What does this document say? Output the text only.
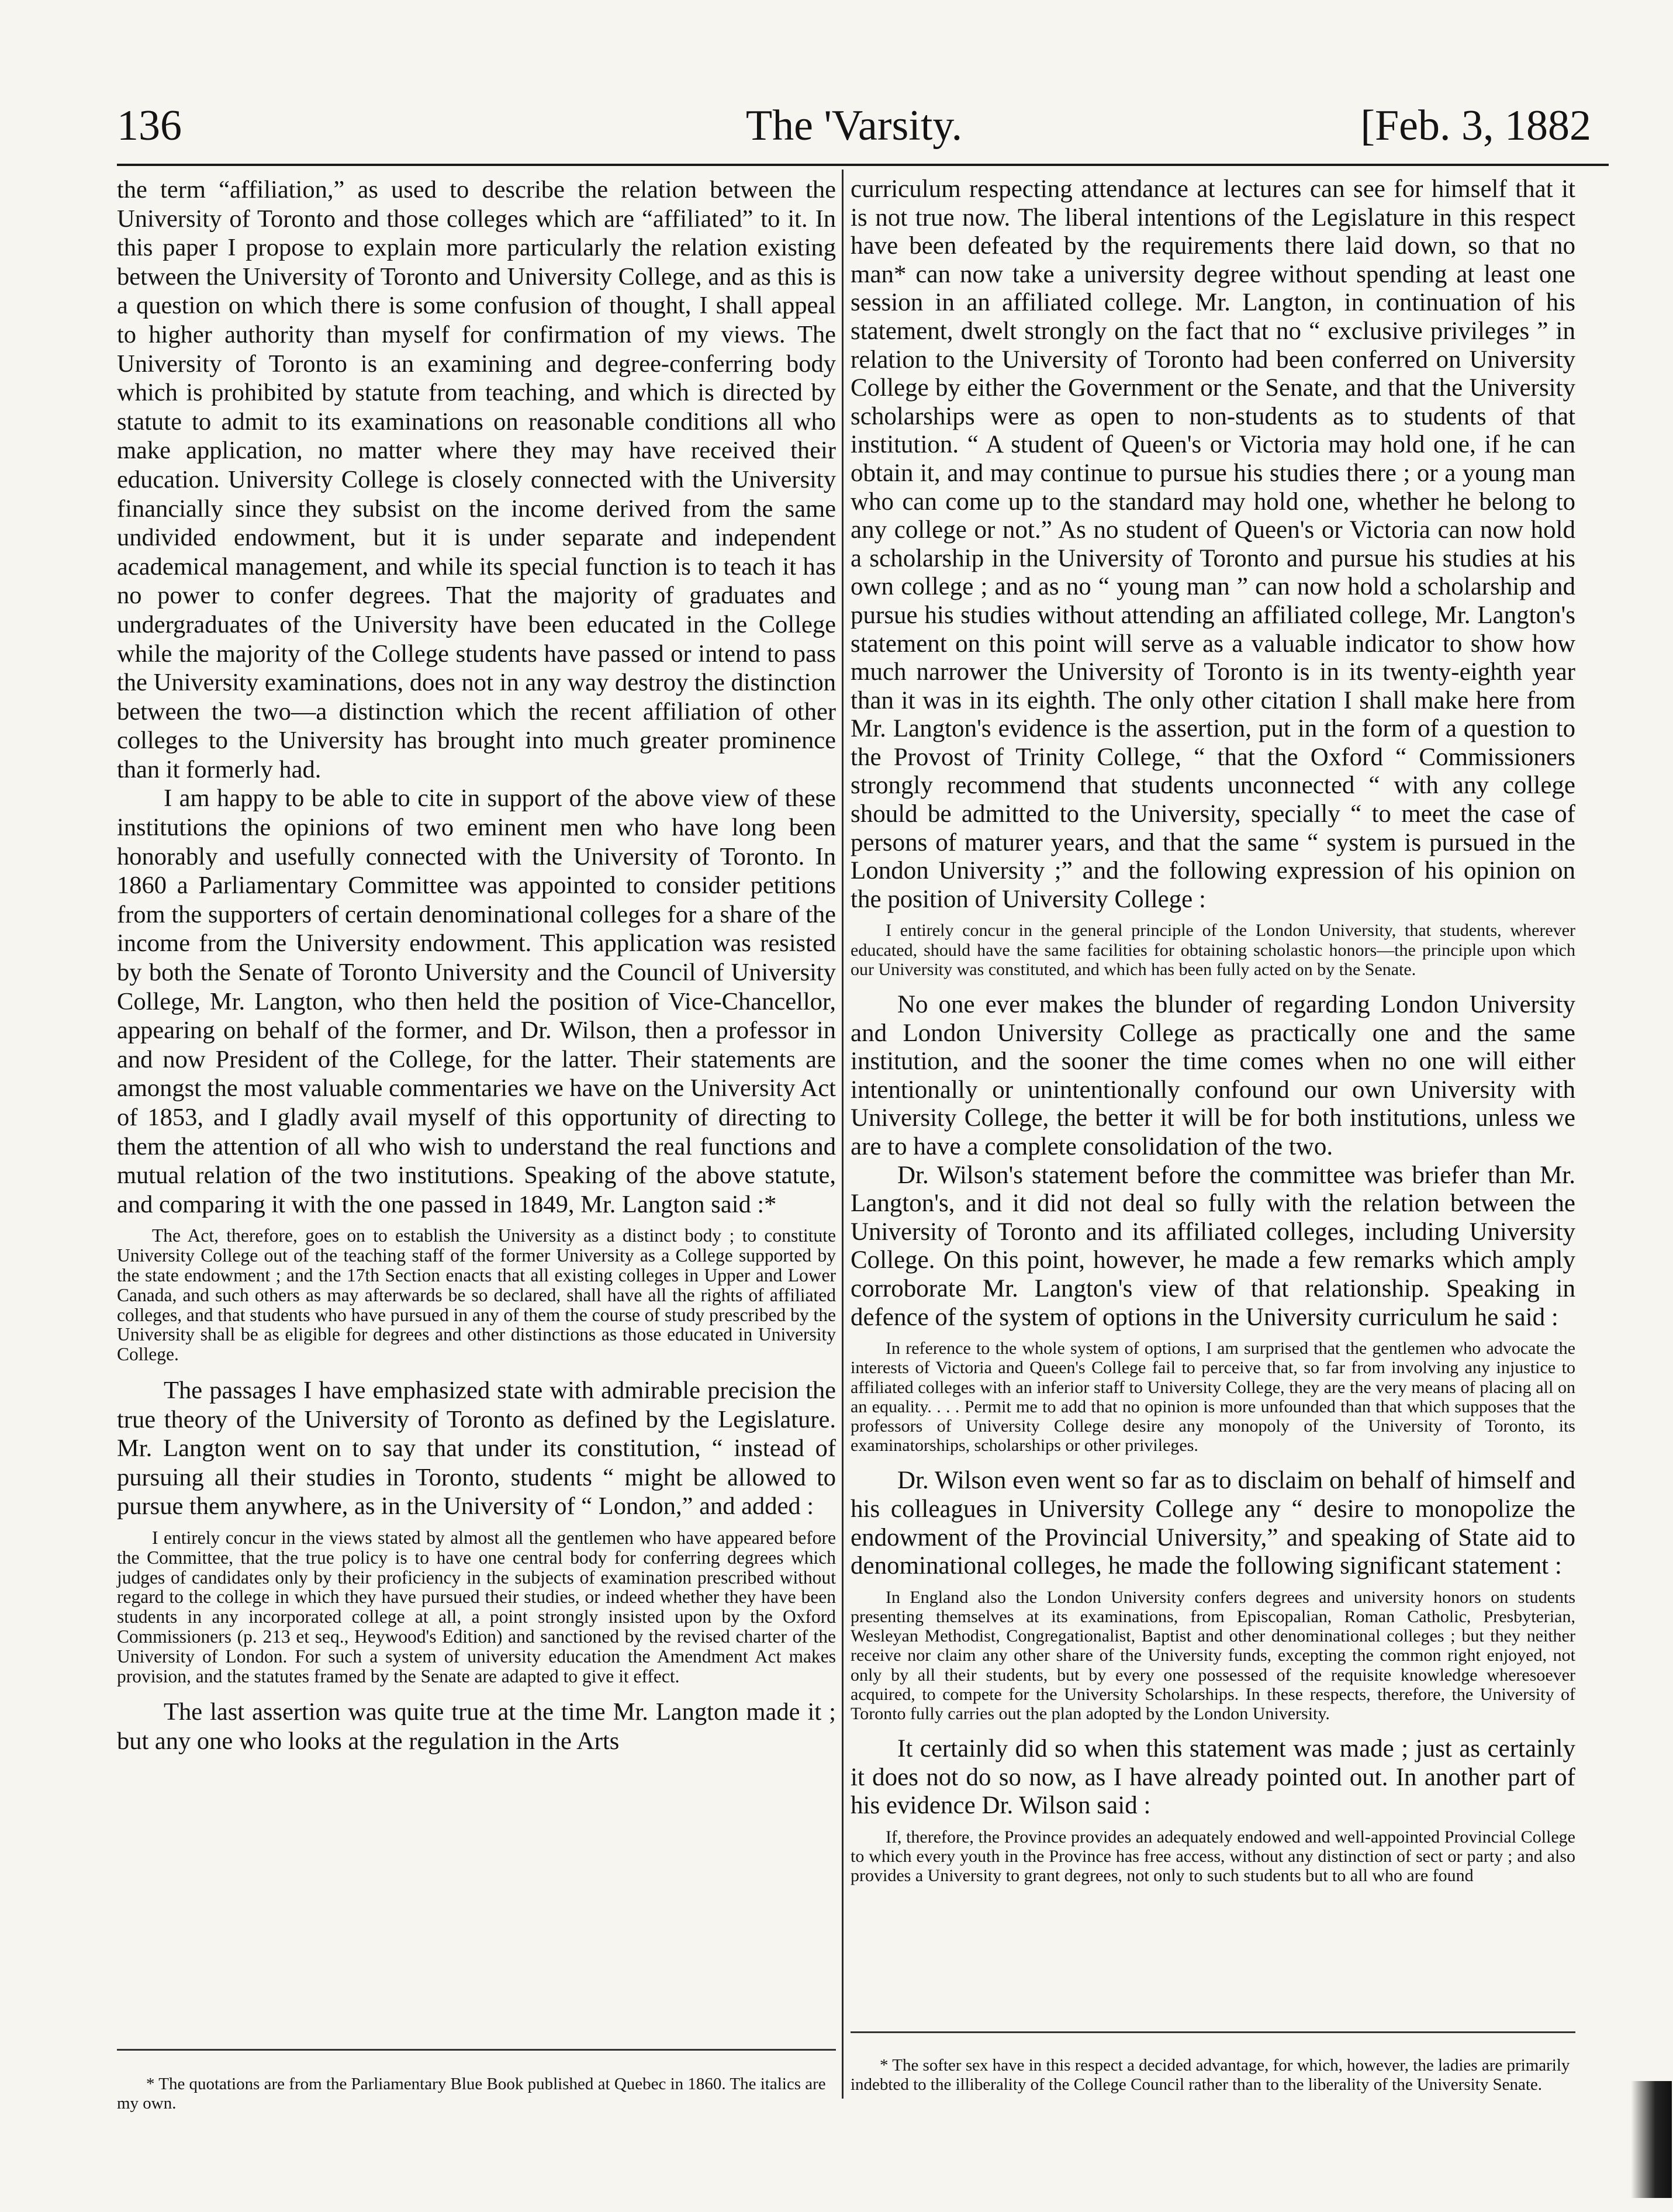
136	The 'Varsity.	[Feb. 3, 1882

the term “affiliation,” as used to describe the relation between the University of Toronto and those colleges which are “affiliated” to it. In this paper I propose to explain more particularly the relation existing between the University of Toronto and University College, and as this is a question on which there is some confusion of thought, I shall appeal to higher authority than myself for confirmation of my views. The University of Toronto is an examining and degree-conferring body which is prohibited by statute from teaching, and which is directed by statute to admit to its examinations on reasonable conditions all who make application, no matter where they may have received their education. University College is closely connected with the University financially since they subsist on the income derived from the same undivided endowment, but it is under separate and independent academical management, and while its special function is to teach it has no power to confer degrees. That the majority of graduates and undergraduates of the University have been educated in the College while the majority of the College students have passed or intend to pass the University examinations, does not in any way destroy the distinction between the two—a distinction which the recent affiliation of other colleges to the University has brought into much greater prominence than it formerly had.

I am happy to be able to cite in support of the above view of these institutions the opinions of two eminent men who have long been honorably and usefully connected with the University of Toronto. In 1860 a Parliamentary Committee was appointed to consider petitions from the supporters of certain denominational colleges for a share of the income from the University endowment. This application was resisted by both the Senate of Toronto University and the Council of University College, Mr. Langton, who then held the position of Vice-Chancellor, appearing on behalf of the former, and Dr. Wilson, then a professor in and now President of the College, for the latter. Their statements are amongst the most valuable commentaries we have on the University Act of 1853, and I gladly avail myself of this opportunity of directing to them the attention of all who wish to understand the real functions and mutual relation of the two institutions. Speaking of the above statute, and comparing it with the one passed in 1849, Mr. Langton said :*

The Act, therefore, goes on to establish the University as a distinct body ; to constitute University College out of the teaching staff of the former University as a College supported by the state endowment ; and the 17th Section enacts that all existing colleges in Upper and Lower Canada, and such others as may afterwards be so declared, shall have all the rights of affiliated colleges, and that students who have pursued in any of them the course of study prescribed by the University shall be as eligible for degrees and other distinctions as those educated in University College.

The passages I have emphasized state with admirable precision the true theory of the University of Toronto as defined by the Legislature. Mr. Langton went on to say that under its constitution, “ instead of pursuing all their studies in Toronto, students “ might be allowed to pursue them anywhere, as in the University of “ London,” and added :

I entirely concur in the views stated by almost all the gentlemen who have appeared before the Committee, that the true policy is to have one central body for conferring degrees which judges of candidates only by their proficiency in the subjects of examination prescribed without regard to the college in which they have pursued their studies, or indeed whether they have been students in any incorporated college at all, a point strongly insisted upon by the Oxford Commissioners (p. 213 et seq., Heywood's Edition) and sanctioned by the revised charter of the University of London. For such a system of university education the Amendment Act makes provision, and the statutes framed by the Senate are adapted to give it effect.

The last assertion was quite true at the time Mr. Langton made it ; but any one who looks at the regulation in the Arts

* The quotations are from the Parliamentary Blue Book published at Quebec in 1860. The italics are my own.

curriculum respecting attendance at lectures can see for himself that it is not true now. The liberal intentions of the Legislature in this respect have been defeated by the requirements there laid down, so that no man* can now take a university degree without spending at least one session in an affiliated college. Mr. Langton, in continuation of his statement, dwelt strongly on the fact that no “ exclusive privileges ” in relation to the University of Toronto had been conferred on University College by either the Government or the Senate, and that the University scholarships were as open to non-students as to students of that institution. “ A student of Queen's or Victoria may hold one, if he can obtain it, and may continue to pursue his studies there ; or a young man who can come up to the standard may hold one, whether he belong to any college or not.” As no student of Queen's or Victoria can now hold a scholarship in the University of Toronto and pursue his studies at his own college ; and as no “ young man ” can now hold a scholarship and pursue his studies without attending an affiliated college, Mr. Langton's statement on this point will serve as a valuable indicator to show how much narrower the University of Toronto is in its twenty-eighth year than it was in its eighth. The only other citation I shall make here from Mr. Langton's evidence is the assertion, put in the form of a question to the Provost of Trinity College, “ that the Oxford “ Commissioners strongly recommend that students unconnected “ with any college should be admitted to the University, specially “ to meet the case of persons of maturer years, and that the same “ system is pursued in the London University ;” and the following expression of his opinion on the position of University College :

I entirely concur in the general principle of the London University, that students, wherever educated, should have the same facilities for obtaining scholastic honors—the principle upon which our University was constituted, and which has been fully acted on by the Senate.

No one ever makes the blunder of regarding London University and London University College as practically one and the same institution, and the sooner the time comes when no one will either intentionally or unintentionally confound our own University with University College, the better it will be for both institutions, unless we are to have a complete consolidation of the two.

Dr. Wilson's statement before the committee was briefer than Mr. Langton's, and it did not deal so fully with the relation between the University of Toronto and its affiliated colleges, including University College. On this point, however, he made a few remarks which amply corroborate Mr. Langton's view of that relationship. Speaking in defence of the system of options in the University curriculum he said :

In reference to the whole system of options, I am surprised that the gentlemen who advocate the interests of Victoria and Queen's College fail to perceive that, so far from involving any injustice to affiliated colleges with an inferior staff to University College, they are the very means of placing all on an equality. . . . Permit me to add that no opinion is more unfounded than that which supposes that the professors of University College desire any monopoly of the University of Toronto, its examinatorships, scholarships or other privileges.

Dr. Wilson even went so far as to disclaim on behalf of himself and his colleagues in University College any “ desire to monopolize the endowment of the Provincial University,” and speaking of State aid to denominational colleges, he made the following significant statement :

In England also the London University confers degrees and university honors on students presenting themselves at its examinations, from Episcopalian, Roman Catholic, Presbyterian, Wesleyan Methodist, Congregationalist, Baptist and other denominational colleges ; but they neither receive nor claim any other share of the University funds, excepting the common right enjoyed, not only by all their students, but by every one possessed of the requisite knowledge wheresoever acquired, to compete for the University Scholarships. In these respects, therefore, the University of Toronto fully carries out the plan adopted by the London University.

It certainly did so when this statement was made ; just as certainly it does not do so now, as I have already pointed out. In another part of his evidence Dr. Wilson said :

If, therefore, the Province provides an adequately endowed and well-appointed Provincial College to which every youth in the Province has free access, without any distinction of sect or party ; and also provides a University to grant degrees, not only to such students but to all who are found

* The softer sex have in this respect a decided advantage, for which, however, the ladies are primarily indebted to the illiberality of the College Council rather than to the liberality of the University Senate.
